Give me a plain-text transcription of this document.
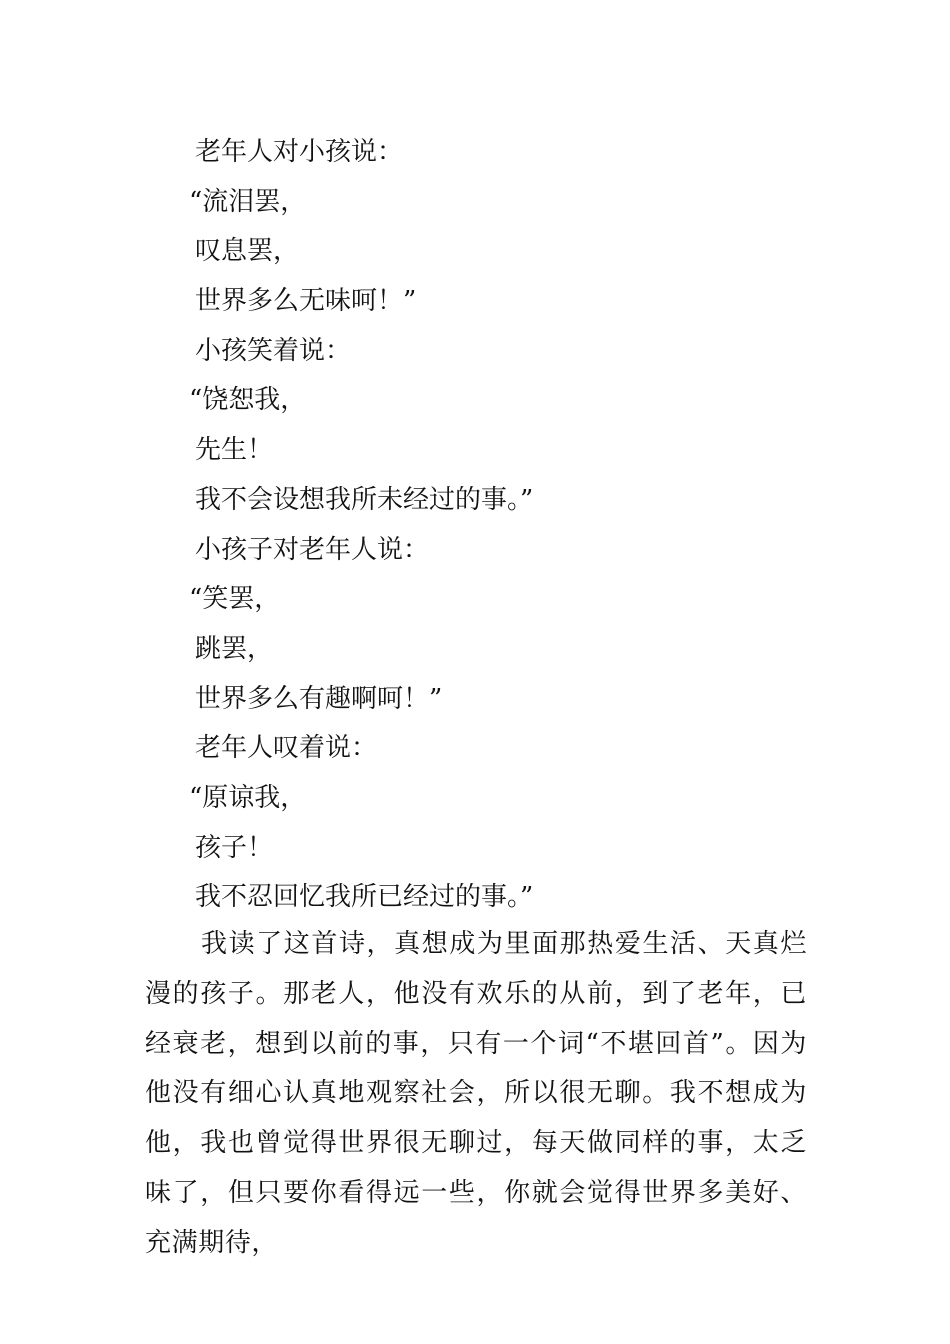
老年人对小孩说：

“流泪罢，

叹息罢，

世界多么无味呵！”

小孩笑着说：

“饶恕我，

先生！

我不会设想我所未经过的事。”

小孩子对老年人说：

“笑罢，

跳罢，

世界多么有趣啊呵！”

老年人叹着说：

“原谅我，

孩子！

我不忍回忆我所已经过的事。”

我读了这首诗，真想成为里面那热爱生活、天真烂漫的孩子。那老人，他没有欢乐的从前，到了老年，已经衰老，想到以前的事，只有一个词“不堪回首”。因为他没有细心认真地观察社会，所以很无聊。我不想成为他，我也曾觉得世界很无聊过，每天做同样的事，太乏味了，但只要你看得远一些，你就会觉得世界多美好、充满期待，
